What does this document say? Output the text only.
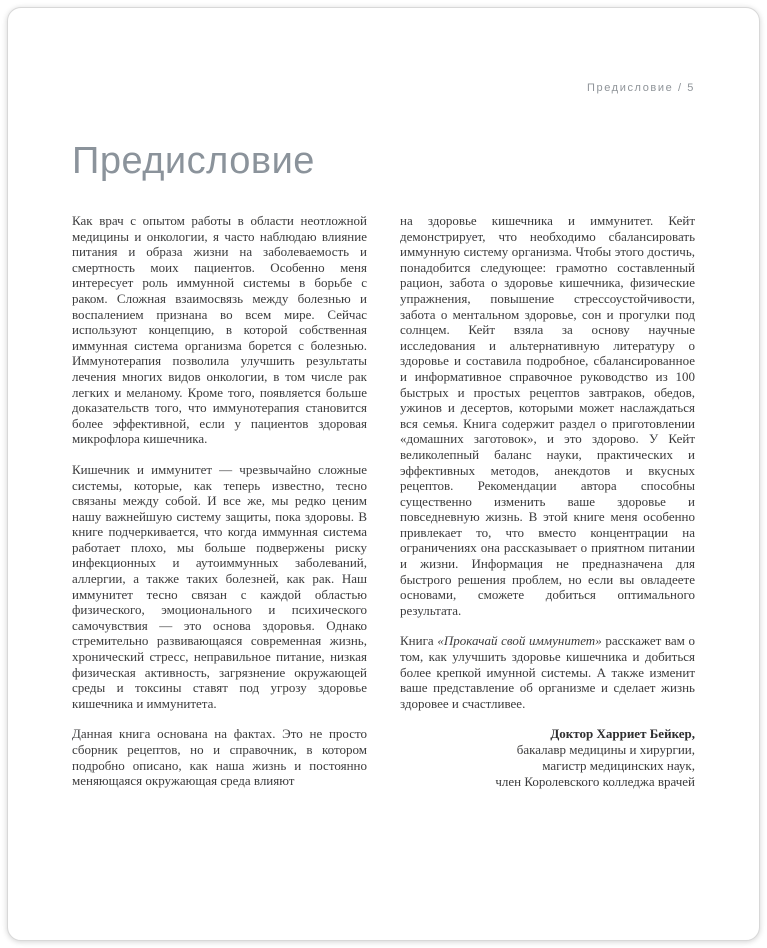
Предисловие / 5
Предисловие

Как врач с опытом работы в области неотложной медицины и онкологии, я часто наблюдаю влияние питания и образа жизни на заболеваемость и смертность моих пациентов. Особенно меня интересует роль иммунной системы в борьбе с раком. Сложная взаимосвязь между болезнью и воспалением признана во всем мире. Сейчас используют концепцию, в которой собственная иммунная система организма борется с болезнью. Иммунотерапия позволила улучшить результаты лечения многих видов онкологии, в том числе рак легких и меланому. Кроме того, появляется больше доказательств того, что иммунотерапия становится более эффективной, если у пациентов здоровая микрофлора кишечника.

Кишечник и иммунитет — чрезвычайно сложные системы, которые, как теперь известно, тесно связаны между собой. И все же, мы редко ценим нашу важнейшую систему защиты, пока здоровы. В книге подчеркивается, что когда иммунная система работает плохо, мы больше подвержены риску инфекционных и аутоиммунных заболеваний, аллергии, а также таких болезней, как рак. Наш иммунитет тесно связан с каждой областью физического, эмоционального и психического самочувствия — это основа здоровья. Однако стремительно развивающаяся современная жизнь, хронический стресс, неправильное питание, низкая физическая активность, загрязнение окружающей среды и токсины ставят под угрозу здоровье кишечника и иммунитета.

Данная книга основана на фактах. Это не просто сборник рецептов, но и справочник, в котором подробно описано, как наша жизнь и постоянно меняющаяся окружающая среда влияют

на здоровье кишечника и иммунитет. Кейт демонстрирует, что необходимо сбалансировать иммунную систему организма. Чтобы этого достичь, понадобится следующее: грамотно составленный рацион, забота о здоровье кишечника, физические упражнения, повышение стрессоустойчивости, забота о ментальном здоровье, сон и прогулки под солнцем. Кейт взяла за основу научные исследования и альтернативную литературу о здоровье и составила подробное, сбалансированное и информативное справочное руководство из 100 быстрых и простых рецептов завтраков, обедов, ужинов и десертов, которыми может наслаждаться вся семья. Книга содержит раздел о приготовлении «домашних заготовок», и это здорово. У Кейт великолепный баланс науки, практических и эффективных методов, анекдотов и вкусных рецептов. Рекомендации автора способны существенно изменить ваше здоровье и повседневную жизнь. В этой книге меня особенно привлекает то, что вместо концентрации на ограничениях она рассказывает о приятном питании и жизни. Информация не предназначена для быстрого решения проблем, но если вы овладеете основами, сможете добиться оптимального результата.

Книга «Прокачай свой иммунитет» расскажет вам о том, как улучшить здоровье кишечника и добиться более крепкой имунной системы. А также изменит ваше представление об организме и сделает жизнь здоровее и счастливее.

Доктор Харриет Бейкер,
бакалавр медицины и хирургии,
магистр медицинских наук,
член Королевского колледжа врачей
